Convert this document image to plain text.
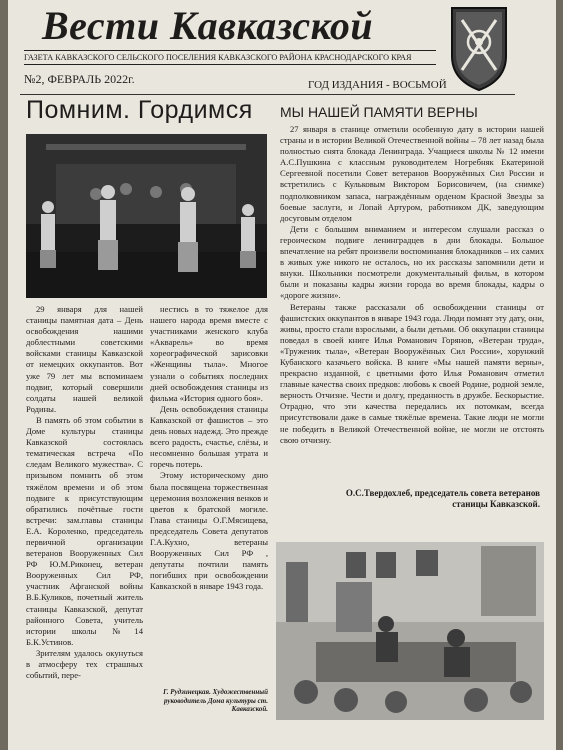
Вести Кавказской
ГАЗЕТА КАВКАЗСКОГО СЕЛЬСКОГО ПОСЕЛЕНИЯ КАВКАЗСКОГО РАЙОНА КРАСНОДАРСКОГО КРАЯ
№2, ФЕВРАЛЬ 2022г.	ГОД ИЗДАНИЯ - ВОСЬМОЙ
Помним. Гордимся МЫ НАШЕЙ ПАМЯТИ ВЕРНЫ

29 января для нашей станицы памятная дата – День освобождения нашими доблестными советскими войсками станицы Кавказской от немецких оккупантов. Вот уже 79 лет мы вспоминаем подвиг, который совершили солдаты нашей великой Родины.

В память об этом событии в Доме культуры станицы Кавказской состоялась тематическая встреча «По следам Великого мужества». С призывом помнить об этом тяжёлом времени и об этом подвиге к присутствующим обратились почётные гости встречи: зам.главы станицы Е.А. Короленко, председатель первичной организации ветеранов Вооруженных Сил РФ Ю.М.Риконец, ветеран Вооруженных Сил РФ, участник Афганской войны В.Б.Куликов, почетный житель станицы Кавказской, депутат районного Совета, учитель истории школы №14 Б.К.Устинов.

Зрителям удалось окунуться в атмосферу тех страшных событий, пере-

нестись в то тяжелое для нашего народа время вместе с участниками женского клуба «Акварель» во время хореографической зарисовки «Женщины тыла». Многое узнали о событиях последних дней освобождения станицы из фильма «История одного боя».

День освобождения станицы Кавказской от фашистов – это день новых надежд. Это прежде всего радость, счастье, слёзы, и несомненно большая утрата и горечь потерь.

Этому историческому дню была посвящена торжественная церемония возложения венков и цветов к братской могиле. Глава станицы О.Г.Мясищева, председатель Совета депутатов Г.А.Кухно, ветераны Вооруженных Сил РФ , депутаты почтили память погибших при освобождении Кавказской в январе 1943 года.

Г. Рудзинецкая. Художественный руководитель Дома культуры ст. Кавказской.

27 января в станице отметили особенную дату в истории нашей страны и в истории Великой Отечественной войны – 78 лет назад была полностью снята блокада Ленинграда. Учащиеся школы № 12 имени А.С.Пушкина с классным руководителем Ногребняк Екатериной Сергеевной посетили Совет ветеранов Вооружённых Сил России и встретились с Кульковым Виктором Борисовичем, (на снимке) подполковником запаса, награждённым орденом Красной Звезды за боевые заслуги, и Лопай Артуром, работником ДК, заведующим досуговым отделом

Дети с большим вниманием и интересом слушали рассказ о героическом подвиге ленинградцев в дни блокады. Большое впечатление на ребят произвели воспоминания блокадников – их самих в живых уже никого не осталось, но их рассказы запомнили дети и внуки. Школьники посмотрели документальный фильм, в котором были и показаны кадры жизни города во время блокады, кадры о «дороге жизни».

Ветераны также рассказали об освобождении станицы от фашистских оккупантов в январе 1943 года. Люди помнят эту дату, они, живы, просто стали взрослыми, а были детьми. Об оккупации станицы поведал в своей книге Илья Романович Горянов, «Ветеран труда», «Труженик тыла», «Ветеран Вооружённых Сил России», хорунжий Кубанского казачьего войска. В книге «Мы нашей памяти верны», прекрасно изданной, с цветными фото Илья Романович отметил главные качества своих предков: любовь к своей Родине, родной земле, верность Отчизне. Чести и долгу, преданность в дружбе. Бескорыстие. Отрадно, что эти качества передались их потомкам, всегда присутствовали даже в самые тяжёлые времена. Такие люди не могли не победить в Великой Отечественной войне, не могли не отстоять свою отчизну.

О.С.Твердохлеб, председатель совета ветеранов станицы Кавказской.
